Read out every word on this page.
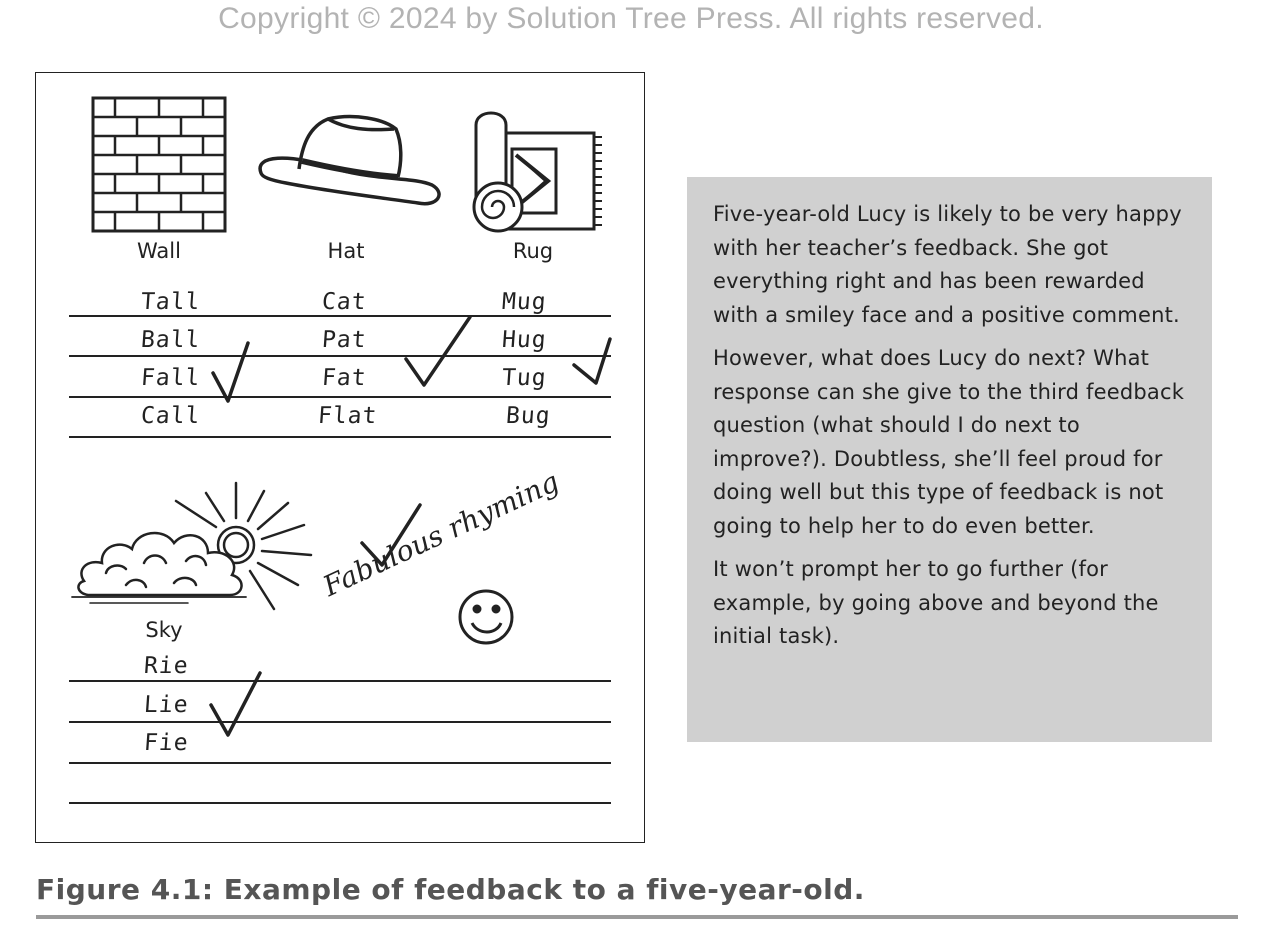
Copyright © 2024 by Solution Tree Press. All rights reserved.
Wall	Hat	Rug
Sky
Tall
Ball
Fall
Call
Cat
Pat
Fat
Flat
Mug
Hug
Tug
Bug
Rie
Lie
Fie
Fabulous rhyming

Five-year-old Lucy is likely to be very happy with her teacher’s feedback. She got everything right and has been rewarded with a smiley face and a positive comment.

However, what does Lucy do next? What response can she give to the third feedback question (what should I do next to improve?). Doubtless, she’ll feel proud for doing well but this type of feedback is not going to help her to do even better.

It won’t prompt her to go further (for example, by going above and beyond the initial task).

Figure 4.1: Example of feedback to a five-year-old.
